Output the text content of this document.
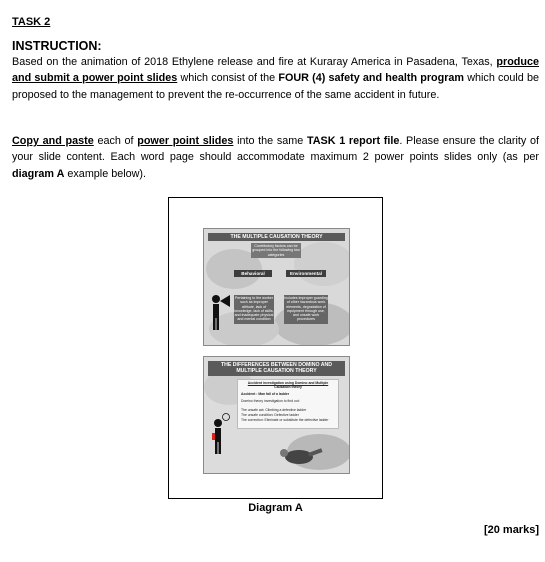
TASK 2
INSTRUCTION:
Based on the animation of 2018 Ethylene release and fire at Kuraray America in Pasadena, Texas, produce and submit a power point slides which consist of the FOUR (4) safety and health program which could be proposed to the management to prevent the re-occurrence of the same accident in future.
Copy and paste each of power point slides into the same TASK 1 report file. Please ensure the clarity of your slide content. Each word page should accommodate maximum 2 power points slides only (as per diagram A example below).
THE MULTIPLE CAUSATION THEORY
Contributory factors can be grouped into the following two categories
Behavioral	Environmental
Pertaining to the worker such as improper attitude, lack of knowledge, lack of skills, and inadequate physical and mental condition
Includes improper guarding of other hazardous work elements, degradation of equipment through use, and unsafe work procedures
THE DIFFERENCES BETWEEN DOMINO AND MULTIPLE CAUSATION THEORY
Accident investigation using Domino and Multiple Causation theory
Accident : Man fall of a ladder
Domino theory investigation to find out:
The unsafe act: Climbing a defective ladder
The unsafe condition: Defective ladder
The correction: Eliminate or substitute the defective ladder
Diagram A
[20 marks]
